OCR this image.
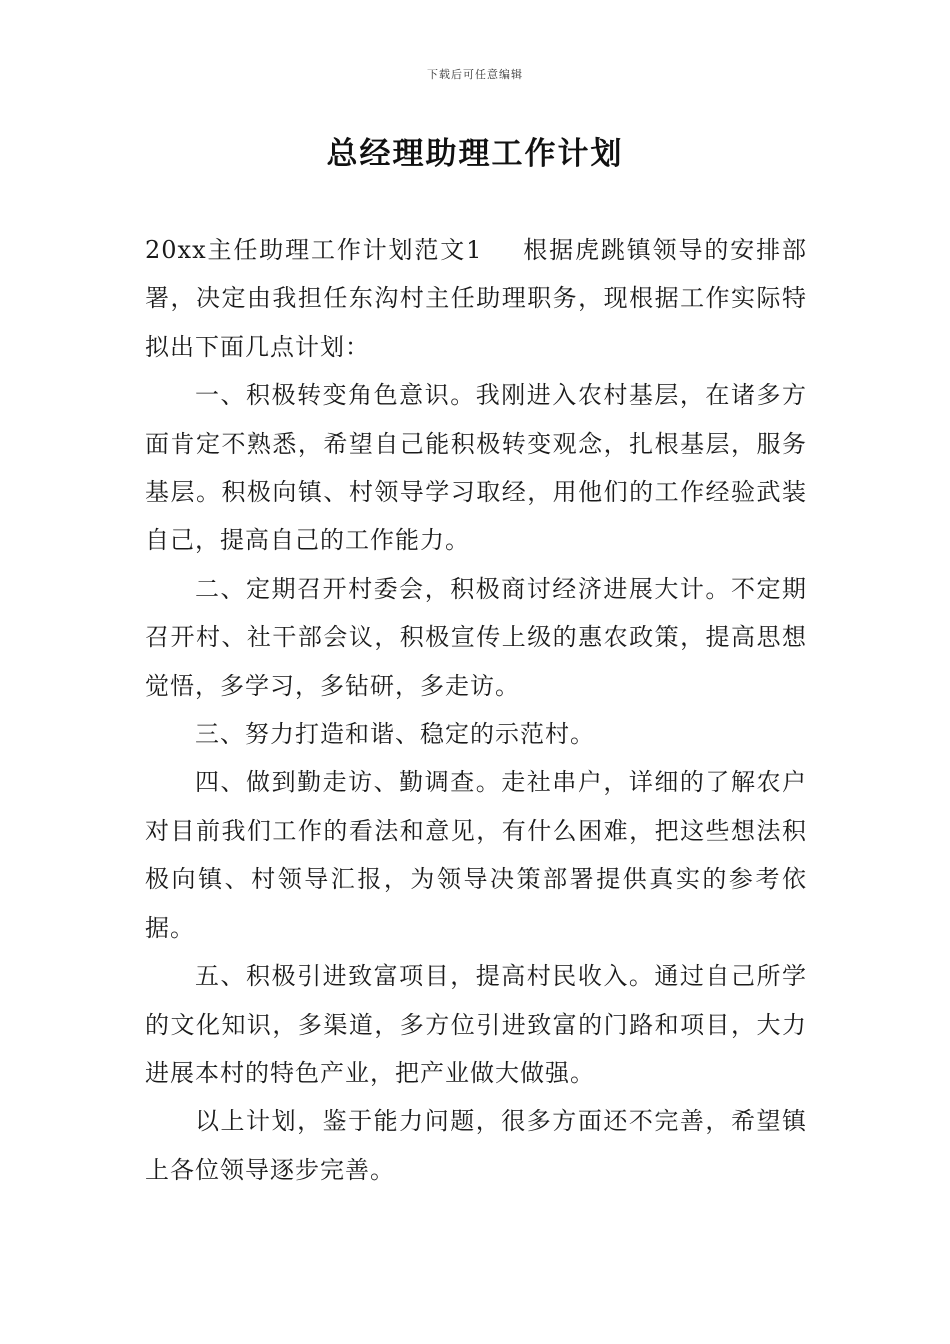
下载后可任意编辑
总经理助理工作计划

20xx主任助理工作计划范文1 根据虎跳镇领导的安排部署，决定由我担任东沟村主任助理职务，现根据工作实际特拟出下面几点计划：

一、积极转变角色意识。我刚进入农村基层，在诸多方面肯定不熟悉，希望自己能积极转变观念，扎根基层，服务基层。积极向镇、村领导学习取经，用他们的工作经验武装自己，提高自己的工作能力。

二、定期召开村委会，积极商讨经济进展大计。不定期召开村、社干部会议，积极宣传上级的惠农政策，提高思想觉悟，多学习，多钻研，多走访。

三、努力打造和谐、稳定的示范村。

四、做到勤走访、勤调查。走社串户，详细的了解农户对目前我们工作的看法和意见，有什么困难，把这些想法积极向镇、村领导汇报，为领导决策部署提供真实的参考依据。

五、积极引进致富项目，提高村民收入。通过自己所学的文化知识，多渠道，多方位引进致富的门路和项目，大力进展本村的特色产业，把产业做大做强。

以上计划，鉴于能力问题，很多方面还不完善，希望镇上各位领导逐步完善。
